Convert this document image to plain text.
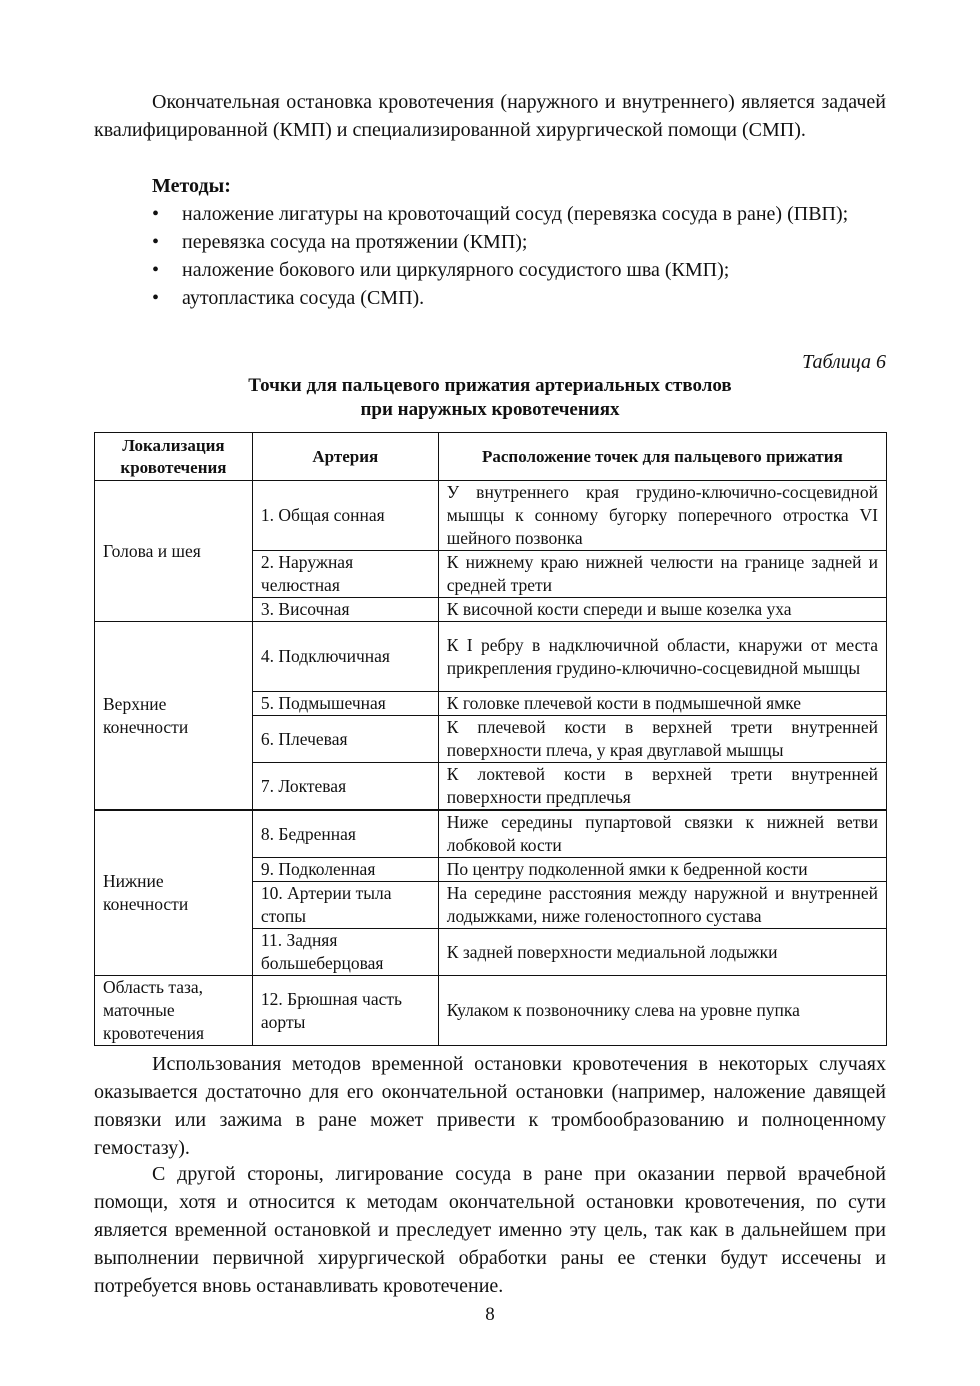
Окончательная остановка кровотечения (наружного и внутреннего) является задачей квалифицированной (КМП) и специализированной хирургической помощи (СМП).
Методы:
• наложение лигатуры на кровоточащий сосуд (перевязка сосуда в ране) (ПВП);
• перевязка сосуда на протяжении (КМП);
• наложение бокового или циркулярного сосудистого шва (КМП);
• аутопластика сосуда (СМП).
Таблица 6
Точки для пальцевого прижатия артериальных стволов
при наружных кровотечениях
Локализация кровотечения	Артерия	Расположение точек для пальцевого прижатия
Голова и шея	1. Общая сонная	У внутреннего края грудино-ключично-сосцевидной мышцы к сонному бугорку поперечного отростка VI шейного позвонка
	2. Наружная челюстная	К нижнему краю нижней челюсти на границе задней и средней трети
	3. Височная	К височной кости спереди и выше козелка уха
Верхние конечности	4. Подключичная	К I ребру в надключичной области, кнаружи от места прикрепления грудино-ключично-сосцевидной мышцы
	5. Подмышечная	К головке плечевой кости в подмышечной ямке
	6. Плечевая	К плечевой кости в верхней трети внутренней поверхности плеча, у края двуглавой мышцы
	7. Локтевая	К локтевой кости в верхней трети внутренней поверхности предплечья
Нижние конечности	8. Бедренная	Ниже середины пупартовой связки к нижней ветви лобковой кости
	9. Подколенная	По центру подколенной ямки к бедренной кости
	10. Артерии тыла стопы	На середине расстояния между наружной и внутренней лодыжками, ниже голеностопного сустава
	11. Задняя большеберцовая	К задней поверхности медиальной лодыжки
Область таза, маточные кровотечения	12. Брюшная часть аорты	Кулаком к позвоночнику слева на уровне пупка
Использования методов временной остановки кровотечения в некоторых случаях оказывается достаточно для его окончательной остановки (например, наложение давящей повязки или зажима в ране может привести к тромбообразованию и полноценному гемостазу).
С другой стороны, лигирование сосуда в ране при оказании первой врачебной помощи, хотя и относится к методам окончательной остановки кровотечения, по сути является временной остановкой и преследует именно эту цель, так как в дальнейшем при выполнении первичной хирургической обработки раны ее стенки будут иссечены и потребуется вновь останавливать кровотечение.
8
